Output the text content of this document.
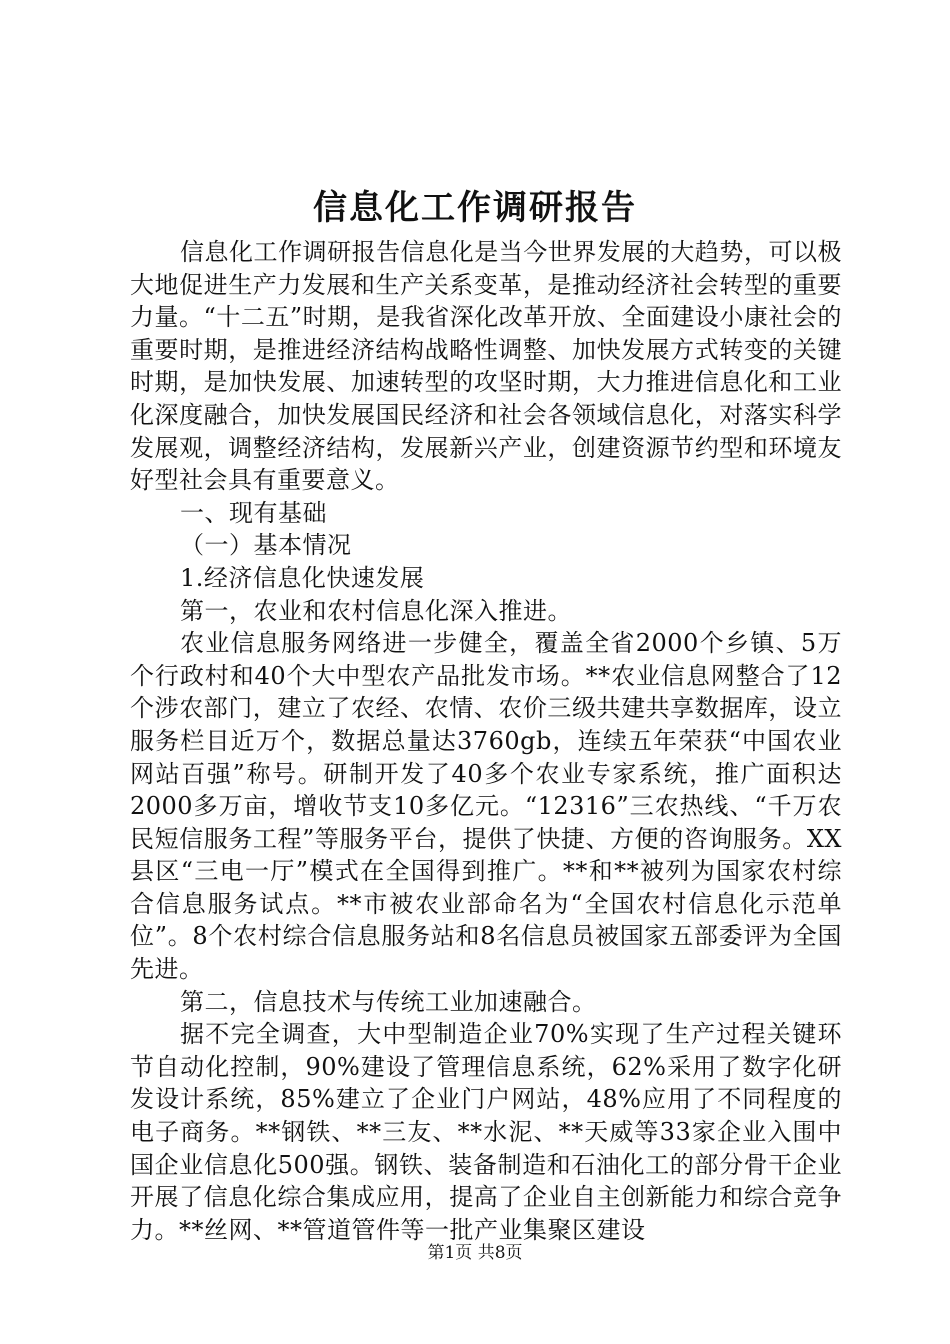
信息化工作调研报告

信息化工作调研报告信息化是当今世界发展的大趋势，可以极大地促进生产力发展和生产关系变革，是推动经济社会转型的重要力量。“十二五”时期，是我省深化改革开放、全面建设小康社会的重要时期，是推进经济结构战略性调整、加快发展方式转变的关键时期，是加快发展、加速转型的攻坚时期，大力推进信息化和工业化深度融合，加快发展国民经济和社会各领域信息化，对落实科学发展观，调整经济结构，发展新兴产业，创建资源节约型和环境友好型社会具有重要意义。

一、现有基础

（一）基本情况

1.经济信息化快速发展

第一，农业和农村信息化深入推进。

农业信息服务网络进一步健全，覆盖全省2000个乡镇、5万个行政村和40个大中型农产品批发市场。**农业信息网整合了12个涉农部门，建立了农经、农情、农价三级共建共享数据库，设立服务栏目近万个，数据总量达3760gb，连续五年荣获“中国农业网站百强”称号。研制开发了40多个农业专家系统，推广面积达2000多万亩，增收节支10多亿元。“12316”三农热线、“千万农民短信服务工程”等服务平台，提供了快捷、方便的咨询服务。XX县区“三电一厅”模式在全国得到推广。**和**被列为国家农村综合信息服务试点。**市被农业部命名为“全国农村信息化示范单位”。8个农村综合信息服务站和8名信息员被国家五部委评为全国先进。

第二，信息技术与传统工业加速融合。

据不完全调查，大中型制造企业70%实现了生产过程关键环节自动化控制，90%建设了管理信息系统，62%采用了数字化研发设计系统，85%建立了企业门户网站，48%应用了不同程度的电子商务。**钢铁、**三友、**水泥、**天威等33家企业入围中国企业信息化500强。钢铁、装备制造和石油化工的部分骨干企业开展了信息化综合集成应用，提高了企业自主创新能力和综合竞争力。**丝网、**管道管件等一批产业集聚区建设

第1页 共8页
